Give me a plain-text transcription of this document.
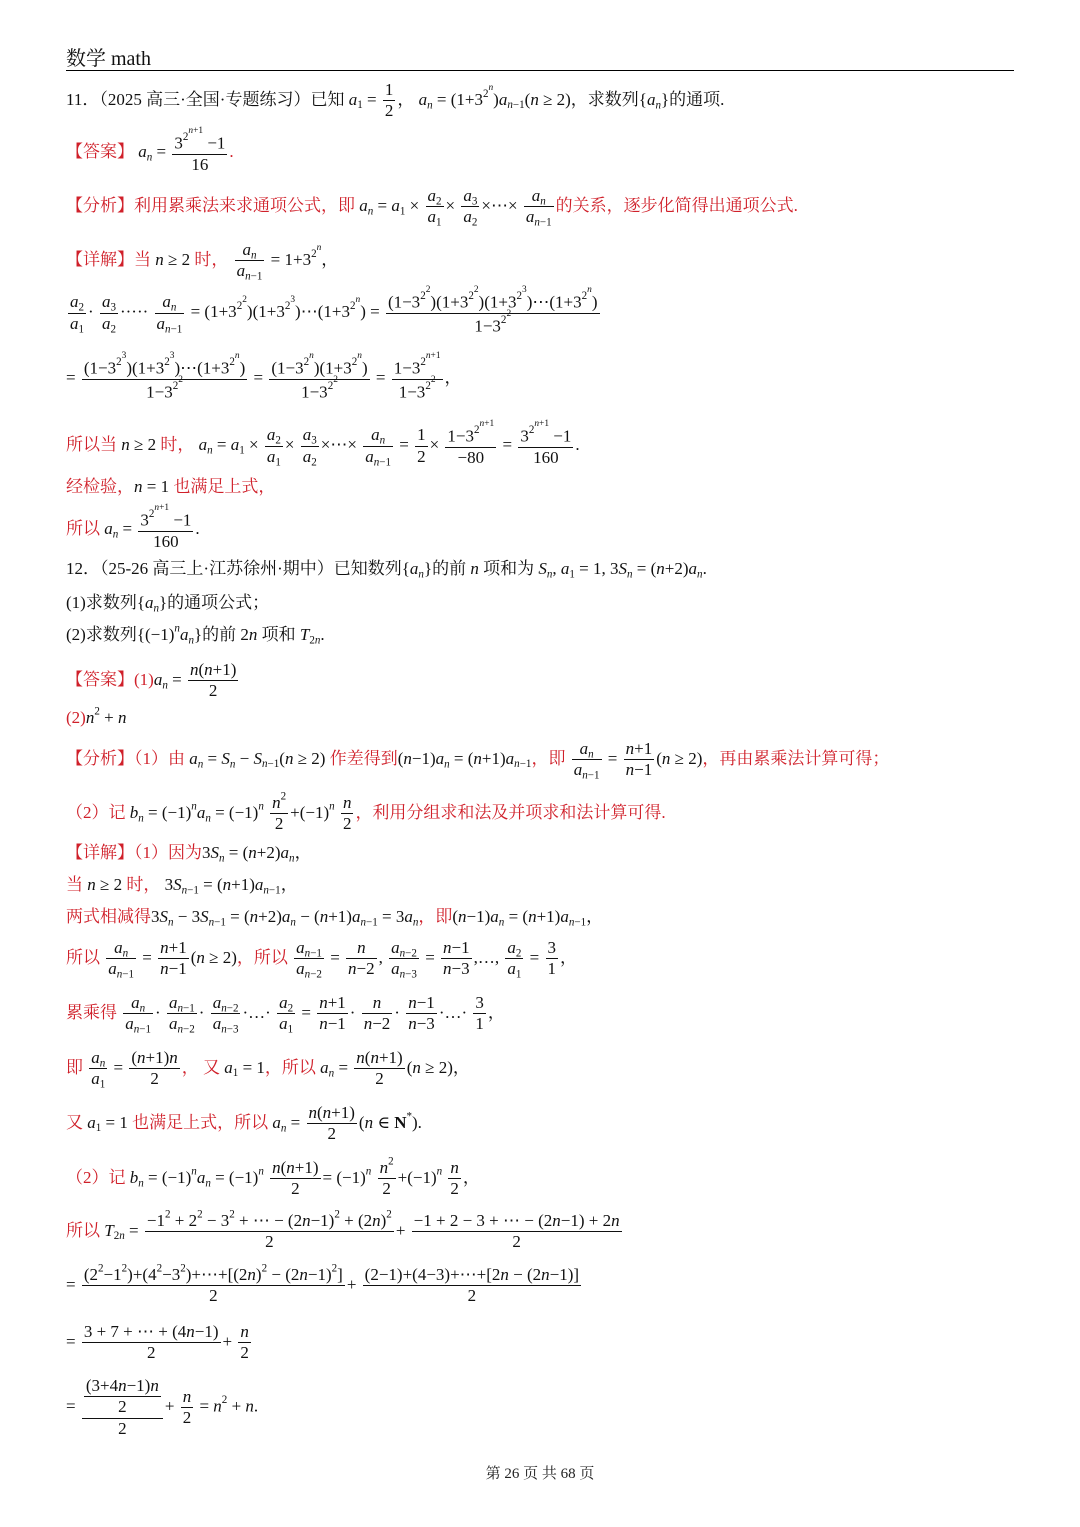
数学 math
11．（2025 高三·全国·专题练习）已知 $a_1 = \frac{1}{2}$ ， $a_n = (1+3^{2^n})a_{n-1}(n \ge 2)$，求数列$\{a_n\}$的通项.
【答案】 $a_n = \frac{3^{2^{n+1}} -1}{16}$ .
【分析】利用累乘法来求通项公式，即 $a_n = a_1 \times \frac{a_2}{a_1} \times \frac{a_3}{a_2}$ ×⋯× $\frac{a_n}{a_{n-1}}$ 的关系，逐步化简得出通项公式.
【详解】当 n ≥ 2 时， $\frac{a_n}{a_{n-1}} = 1+3^{2^n}$，
$\frac{a_2}{a_1} \cdot \frac{a_3}{a_2}$ ····· $\frac{a_n}{a_{n-1}}$ = $(1+3^{2^2})(1+3^{2^3})\cdots(1+3^{2^n}) = \frac{(1-3^{2^2})(1+3^{2^2})(1+3^{2^3})\cdots(1+3^{2^n})}{1-3^{2^2}}$
= $\frac{(1-3^{2^3})(1+3^{2^3})\cdots(1+3^{2^n})}{1-3^{2^2}} = \frac{(1-3^{2^n})(1+3^{2^n})}{1-3^{2^2}} = \frac{1-3^{2^{n+1}}}{1-3^{2^2}}$ ，
所以当 n ≥ 2 时， $a_n = a_1 \times \frac{a_2}{a_1} \times \frac{a_3}{a_2}$ ×⋯× $\frac{a_n}{a_{n-1}} = \frac{1}{2} \times \frac{1-3^{2^{n+1}}}{-80} = \frac{3^{2^{n+1}} -1}{160}$ .
经检验，n = 1 也满足上式，
所以 $a_n = \frac{3^{2^{n+1}} -1}{160}$ .
12．（25-26 高三上·江苏徐州·期中）已知数列$\{a_n\}$的前 n 项和为 $S_n$, $a_1 = 1$, $3S_n = (n+2)a_n$.
(1)求数列$\{a_n\}$的通项公式；
(2)求数列$\{(-1)^na_n\}$的前 2n 项和 $T_{2n}$.
【答案】$(1)a_n = \frac{n(n+1)}{2}$
$(2)n^2 + n$
【分析】（1）由 $a_n = S_n - S_{n-1}(n \ge 2)$ 作差得到$(n-1)a_n = (n+1)a_{n-1}$，即 $\frac{a_n}{a_{n-1}} = \frac{n+1}{n-1} (n \ge 2)$，再由累乘法计算可得；
（2）记 $b_n = (-1)^na_n = (-1)^n \frac{n^2}{2} +(-1)^n \frac{n}{2}$ ，利用分组求和法及并项求和法计算可得.
【详解】（1）因为$3S_n = (n+2)a_n$，
当 n ≥ 2 时， $3S_{n-1} = (n+1)a_{n-1}$，
两式相减得$3S_n - 3S_{n-1} = (n+2)a_n - (n+1)a_{n-1} = 3a_n$，即$(n-1)a_n = (n+1)a_{n-1}$，
所以 $\frac{a_n}{a_{n-1}} = \frac{n+1}{n-1} (n \ge 2)$，所以 $\frac{a_{n-1}}{a_{n-2}} = \frac{n}{n-2}$ , $\frac{a_{n-2}}{a_{n-3}} = \frac{n-1}{n-3}$ ,…, $\frac{a_2}{a_1} = \frac{3}{1}$ ，
累乘得 $\frac{a_n}{a_{n-1}} \cdot \frac{a_{n-1}}{a_{n-2}} \cdot \frac{a_{n-2}}{a_{n-3}}$ ·…· $\frac{a_2}{a_1} = \frac{n+1}{n-1} \cdot \frac{n}{n-2} \cdot \frac{n-1}{n-3}$ ·…· $\frac{3}{1}$ ，
即 $\frac{a_n}{a_1} = \frac{(n+1)n}{2}$ ， 又 $a_1 = 1$，所以 $a_n = \frac{n(n+1)}{2} (n \ge 2)$，
又 $a_1 = 1$ 也满足上式，所以 $a_n = \frac{n(n+1)}{2} (n$ ∈ N*).
（2）记 $b_n = (-1)^na_n = (-1)^n \frac{n(n+1)}{2} = (-1)^n \frac{n^2}{2} +(-1)^n \frac{n}{2}$ ，
所以 $T_{2n} = \frac{-1^2 + 2^2 - 3^2 + \cdots - (2n-1)^2 + (2n)^2}{2} + \frac{-1 + 2 - 3 + \cdots - (2n-1) + 2n}{2}$
= $\frac{(2^2-1^2)+(4^2-3^2)+\cdots+[(2n)^2 - (2n-1)^2]}{2} + \frac{(2-1)+(4-3)+\cdots+[2n - (2n-1)]}{2}$
= $\frac{3 + 7 + \cdots + (4n-1)}{2} + \frac{n}{2}$
= $\frac{\frac{(3+4n-1)n}{2}}{2} + \frac{n}{2} = n^2 + n$.
第 26 页 共 68 页
